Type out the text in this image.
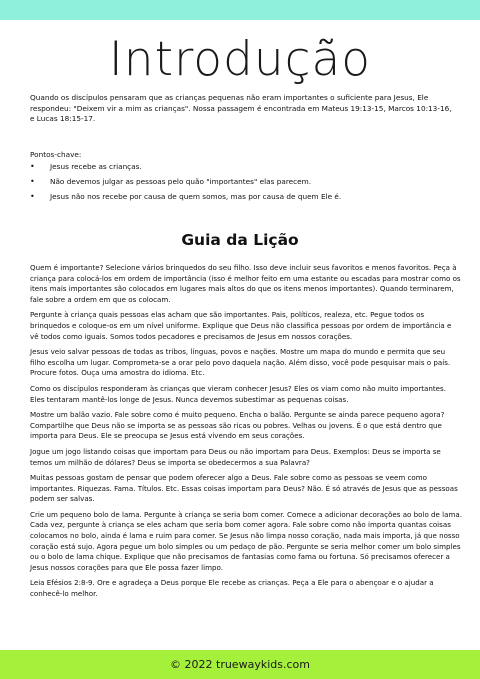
Introdução

Quando os discípulos pensaram que as crianças pequenas não eram importantes o suficiente para Jesus, Ele respondeu: "Deixem vir a mim as crianças". Nossa passagem é encontrada em Mateus 19:13-15, Marcos 10:13-16, e Lucas 18:15-17.

Pontos-chave:
• Jesus recebe as crianças.
• Não devemos julgar as pessoas pelo quão "importantes" elas parecem.
• Jesus não nos recebe por causa de quem somos, mas por causa de quem Ele é.
Guia da Lição

Quem é importante? Selecione vários brinquedos do seu filho. Isso deve incluir seus favoritos e menos favoritos. Peça à criança para colocá-los em ordem de importância (isso é melhor feito em uma estante ou escadas para mostrar como os itens mais importantes são colocados em lugares mais altos do que os itens menos importantes). Quando terminarem, fale sobre a ordem em que os colocam.

Pergunte à criança quais pessoas elas acham que são importantes. Pais, políticos, realeza, etc. Pegue todos os brinquedos e coloque-os em um nível uniforme. Explique que Deus não classifica pessoas por ordem de importância e vê todos como iguais. Somos todos pecadores e precisamos de Jesus em nossos corações.

Jesus veio salvar pessoas de todas as tribos, línguas, povos e nações. Mostre um mapa do mundo e permita que seu filho escolha um lugar. Comprometa-se a orar pelo povo daquela nação. Além disso, você pode pesquisar mais o país. Procure fotos. Ouça uma amostra do idioma. Etc.

Como os discípulos responderam às crianças que vieram conhecer Jesus? Eles os viam como não muito importantes. Eles tentaram mantê-los longe de Jesus. Nunca devemos subestimar as pequenas coisas.

Mostre um balão vazio. Fale sobre como é muito pequeno. Encha o balão. Pergunte se ainda parece pequeno agora? Compartilhe que Deus não se importa se as pessoas são ricas ou pobres. Velhas ou jovens. É o que está dentro que importa para Deus. Ele se preocupa se Jesus está vivendo em seus corações.

Jogue um jogo listando coisas que importam para Deus ou não importam para Deus. Exemplos: Deus se importa se temos um milhão de dólares? Deus se importa se obedecermos a sua Palavra?

Muitas pessoas gostam de pensar que podem oferecer algo a Deus. Fale sobre como as pessoas se veem como importantes. Riquezas. Fama. Títulos. Etc. Essas coisas importam para Deus? Não. É só através de Jesus que as pessoas podem ser salvas.

Crie um pequeno bolo de lama. Pergunte à criança se seria bom comer. Comece a adicionar decorações ao bolo de lama. Cada vez, pergunte à criança se eles acham que seria bom comer agora. Fale sobre como não importa quantas coisas colocamos no bolo, ainda é lama e ruim para comer. Se Jesus não limpa nosso coração, nada mais importa, já que nosso coração está sujo. Agora pegue um bolo simples ou um pedaço de pão. Pergunte se seria melhor comer um bolo simples ou o bolo de lama chique. Explique que não precisamos de fantasias como fama ou fortuna. Só precisamos oferecer a Jesus nossos corações para que Ele possa fazer limpo.

Leia Efésios 2:8-9. Ore e agradeça a Deus porque Ele recebe as crianças. Peça a Ele para o abençoar e o ajudar a conhecê-lo melhor.

© 2022 truewaykids.com
